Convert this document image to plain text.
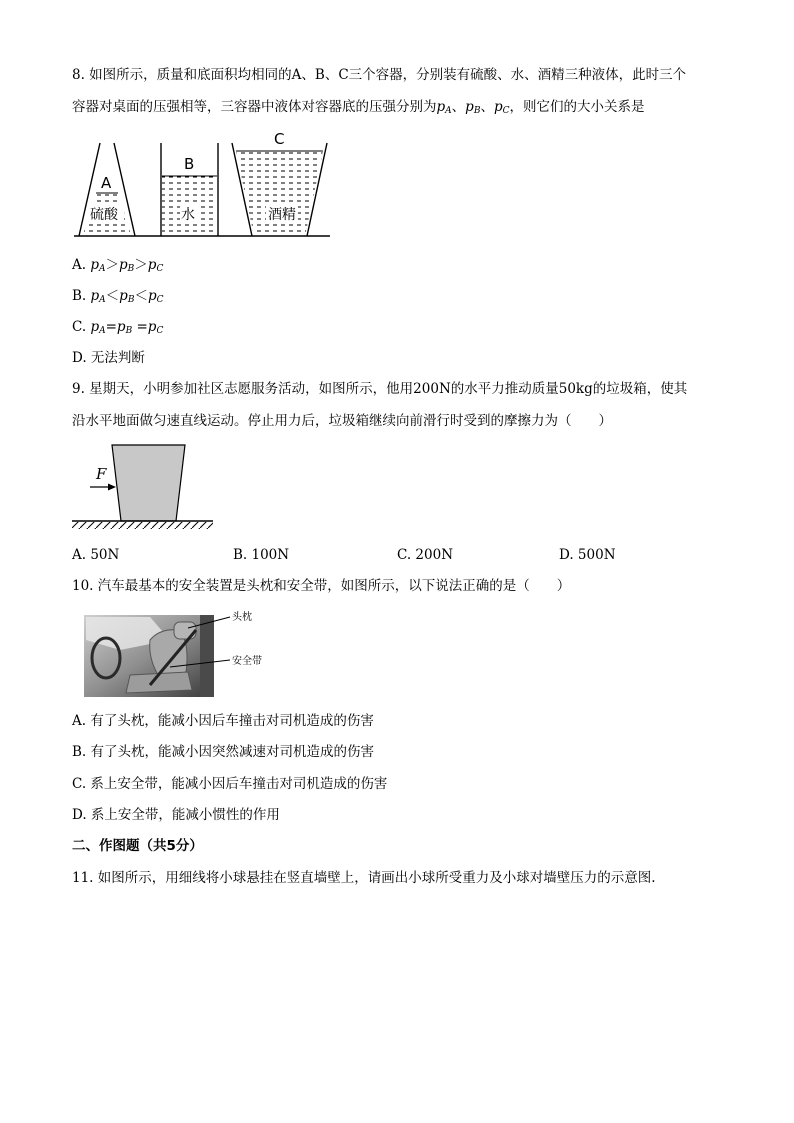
8. 如图所示，质量和底面积均相同的A、B、C三个容器，分别装有硫酸、水、酒精三种液体，此时三个
容器对桌面的压强相等，三容器中液体对容器底的压强分别为$p_A$、$p_B$、$p_C$，则它们的大小关系是
A
B
C
硫酸	水	酒精
A. $p_A>p_B>p_C$
B. $p_A<p_B<p_C$
C. $p_A=p_B =p_C$
D. 无法判断
9. 星期天，小明参加社区志愿服务活动，如图所示，他用200N的水平力推动质量50kg的垃圾箱，使其
沿水平地面做匀速直线运动。停止用力后，垃圾箱继续向前滑行时受到的摩擦力为（　　）
F
A. 50N	B. 100N	C. 200N	D. 500N
10. 汽车最基本的安全装置是头枕和安全带，如图所示，以下说法正确的是（　　）
头枕
安全带
A. 有了头枕，能减小因后车撞击对司机造成的伤害
B. 有了头枕，能减小因突然减速对司机造成的伤害
C. 系上安全带，能减小因后车撞击对司机造成的伤害
D. 系上安全带，能减小惯性的作用
二、作图题（共5分）
11. 如图所示，用细线将小球悬挂在竖直墙壁上，请画出小球所受重力及小球对墙壁压力的示意图.
